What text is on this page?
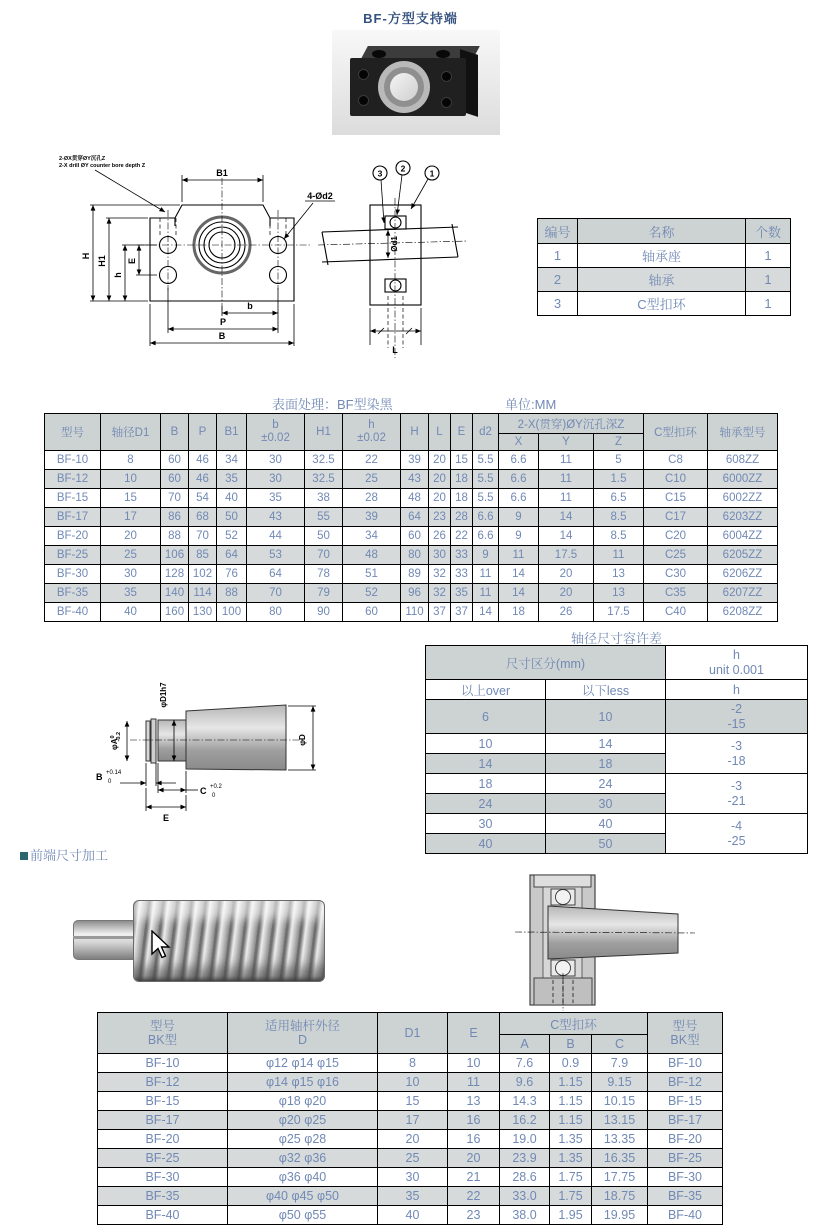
BF-方型支持端
2-ØX贯穿ØY沉孔Z
2-X drill ØY counter bore depth Z
B1
4-Ød2
H H1
h
E
b
P
B
3 2	1
Ød1
L
编号	名称	个数
1	轴承座	1
2	轴承	1
3	C型扣环	1
表面处理：BF型染黑	单位:MM
型号	轴径D1	B	P	B1	
b
±0.02	H1	
h
±0.02	H	L	E	d2	2-X(贯穿)ØY沉孔深Z	C型扣环	轴承型号
												X	Y	Z		
BF-10	8	60	46	34	30	32.5	22	39	20	15	5.5	6.6	11	5	C8	608ZZ
BF-12	10	60	46	35	30	32.5	25	43	20	18	5.5	6.6	11	1.5	C10	6000ZZ
BF-15	15	70	54	40	35	38	28	48	20	18	5.5	6.6	11	6.5	C15	6002ZZ
BF-17	17	86	68	50	43	55	39	64	23	28	6.6	9	14	8.5	C17	6203ZZ
BF-20	20	88	70	52	44	50	34	60	26	22	6.6	9	14	8.5	C20	6004ZZ
BF-25	25	106	85	64	53	70	48	80	30	33	9	11	17.5	11	C25	6205ZZ
BF-30	30	128	102	76	64	78	51	89	32	33	11	14	20	13	C30	6206ZZ
BF-35	35	140	114	88	70	79	52	96	32	35	11	14	20	13	C35	6207ZZ
BF-40	40	160	130	100	80	90	60	110	37	37	14	18	26	17.5	C40	6208ZZ
轴径尺寸容许差
尺寸区分(mm)		h
unit 0.001

以上over	以下less	h
6	10	-2
-15

10	14	-3
-18

14	18	
18	24	-3
-21

24	30	
30	40	-4
-25

40	50	
$\varphi A^0-0.2$
φD1h7
φD
B +0.14
0
C +0.2
0
E
前端尺寸加工
型号
BK型

适用轴杆外径
D	D1	E	C型扣环	型号
BK型

				A	B	C	
BF-10	φ12 φ14 φ15	8	10	7.6	0.9	7.9	BF-10
BF-12	φ14 φ15 φ16	10	11	9.6	1.15	9.15	BF-12
BF-15	φ18 φ20	15	13	14.3	1.15	10.15	BF-15
BF-17	φ20 φ25	17	16	16.2	1.15	13.15	BF-17
BF-20	φ25 φ28	20	16	19.0	1.35	13.35	BF-20
BF-25	φ32 φ36	25	20	23.9	1.35	16.35	BF-25
BF-30	φ36 φ40	30	21	28.6	1.75	17.75	BF-30
BF-35	φ40 φ45 φ50	35	22	33.0	1.75	18.75	BF-35
BF-40	φ50 φ55	40	23	38.0	1.95	19.95	BF-40
